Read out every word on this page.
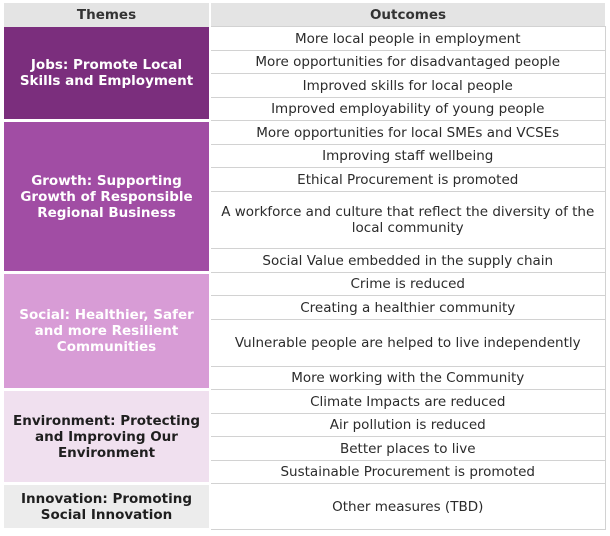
Themes	Outcomes
Jobs: Promote Local Skills and Employment	More local people in employment
	More opportunities for disadvantaged people
	Improved skills for local people
	Improved employability of young people
Growth: Supporting Growth of Responsible Regional Business	More opportunities for local SMEs and VCSEs
	Improving staff wellbeing
	Ethical Procurement is promoted
	A workforce and culture that reflect the diversity of the local community
	Social Value embedded in the supply chain
Social: Healthier, Safer and more Resilient Communities	Crime is reduced
	Creating a healthier community
	Vulnerable people are helped to live independently
	More working with the Community
Environment: Protecting and Improving Our Environment	Climate Impacts are reduced
	Air pollution is reduced
	Better places to live
	Sustainable Procurement is promoted
Innovation: Promoting Social Innovation	Other measures (TBD)
